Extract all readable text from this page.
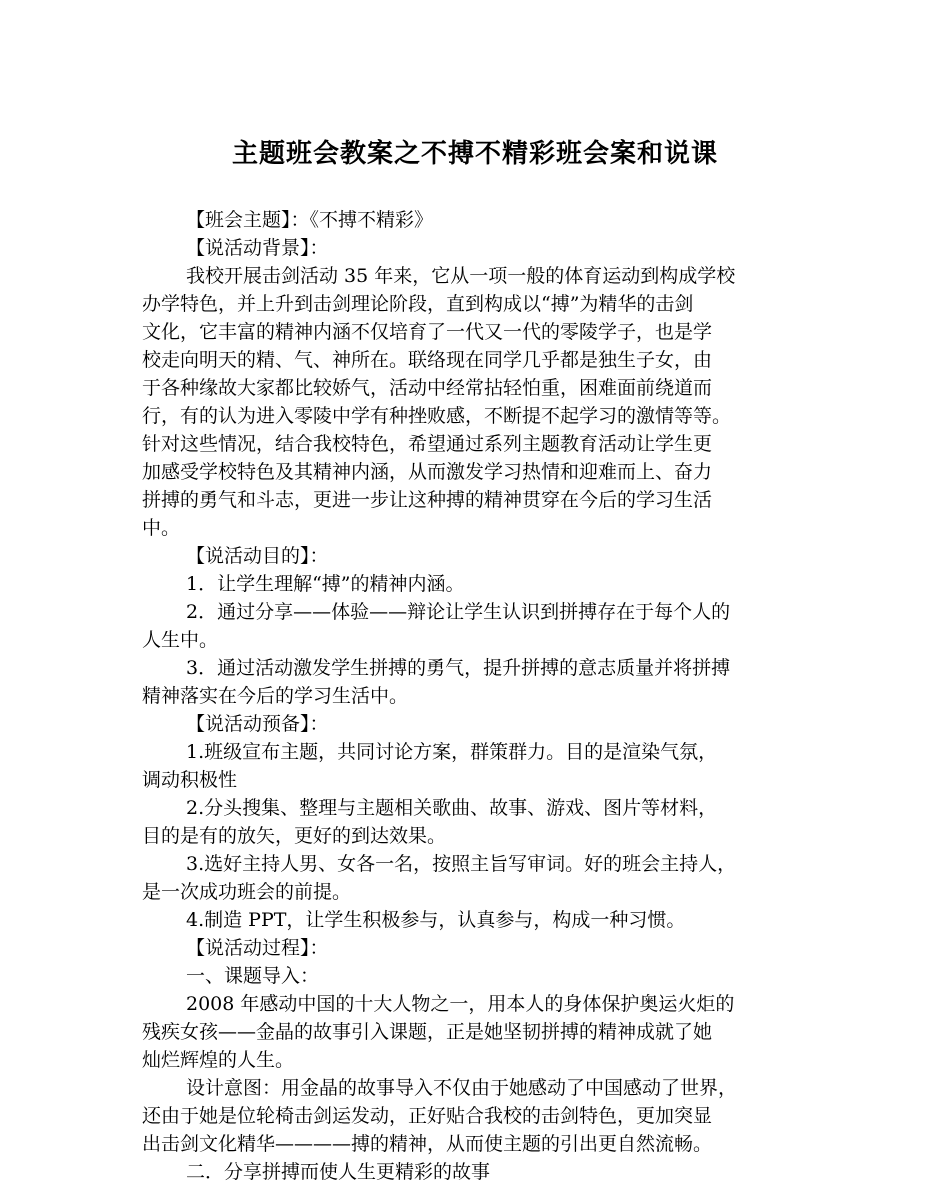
主题班会教案之不搏不精彩班会案和说课
【班会主题】：《不搏不精彩》
【说活动背景】：
我校开展击剑活动 35 年来，它从一项一般的体育运动到构成学校
办学特色，并上升到击剑理论阶段，直到构成以“搏”为精华的击剑
文化，它丰富的精神内涵不仅培育了一代又一代的零陵学子，也是学
校走向明天的精、气、神所在。联络现在同学几乎都是独生子女，由
于各种缘故大家都比较娇气，活动中经常拈轻怕重，困难面前绕道而
行，有的认为进入零陵中学有种挫败感，不断提不起学习的激情等等。
针对这些情况，结合我校特色，希望通过系列主题教育活动让学生更
加感受学校特色及其精神内涵，从而激发学习热情和迎难而上、奋力
拼搏的勇气和斗志，更进一步让这种搏的精神贯穿在今后的学习生活
中。
【说活动目的】：
1．让学生理解“搏”的精神内涵。
2．通过分享——体验——辩论让学生认识到拼搏存在于每个人的
人生中。
3．通过活动激发学生拼搏的勇气，提升拼搏的意志质量并将拼搏
精神落实在今后的学习生活中。
【说活动预备】：
1.班级宣布主题，共同讨论方案，群策群力。目的是渲染气氛，
调动积极性
2.分头搜集、整理与主题相关歌曲、故事、游戏、图片等材料，
目的是有的放矢，更好的到达效果。
3.选好主持人男、女各一名，按照主旨写审词。好的班会主持人，
是一次成功班会的前提。
4.制造 PPT，让学生积极参与，认真参与，构成一种习惯。
【说活动过程】：
一、课题导入：
2008 年感动中国的十大人物之一，用本人的身体保护奥运火炬的
残疾女孩——金晶的故事引入课题，正是她坚韧拼搏的精神成就了她
灿烂辉煌的人生。
设计意图：用金晶的故事导入不仅由于她感动了中国感动了世界，
还由于她是位轮椅击剑运发动，正好贴合我校的击剑特色，更加突显
出击剑文化精华————搏的精神，从而使主题的引出更自然流畅。
二．分享拼搏而使人生更精彩的故事
